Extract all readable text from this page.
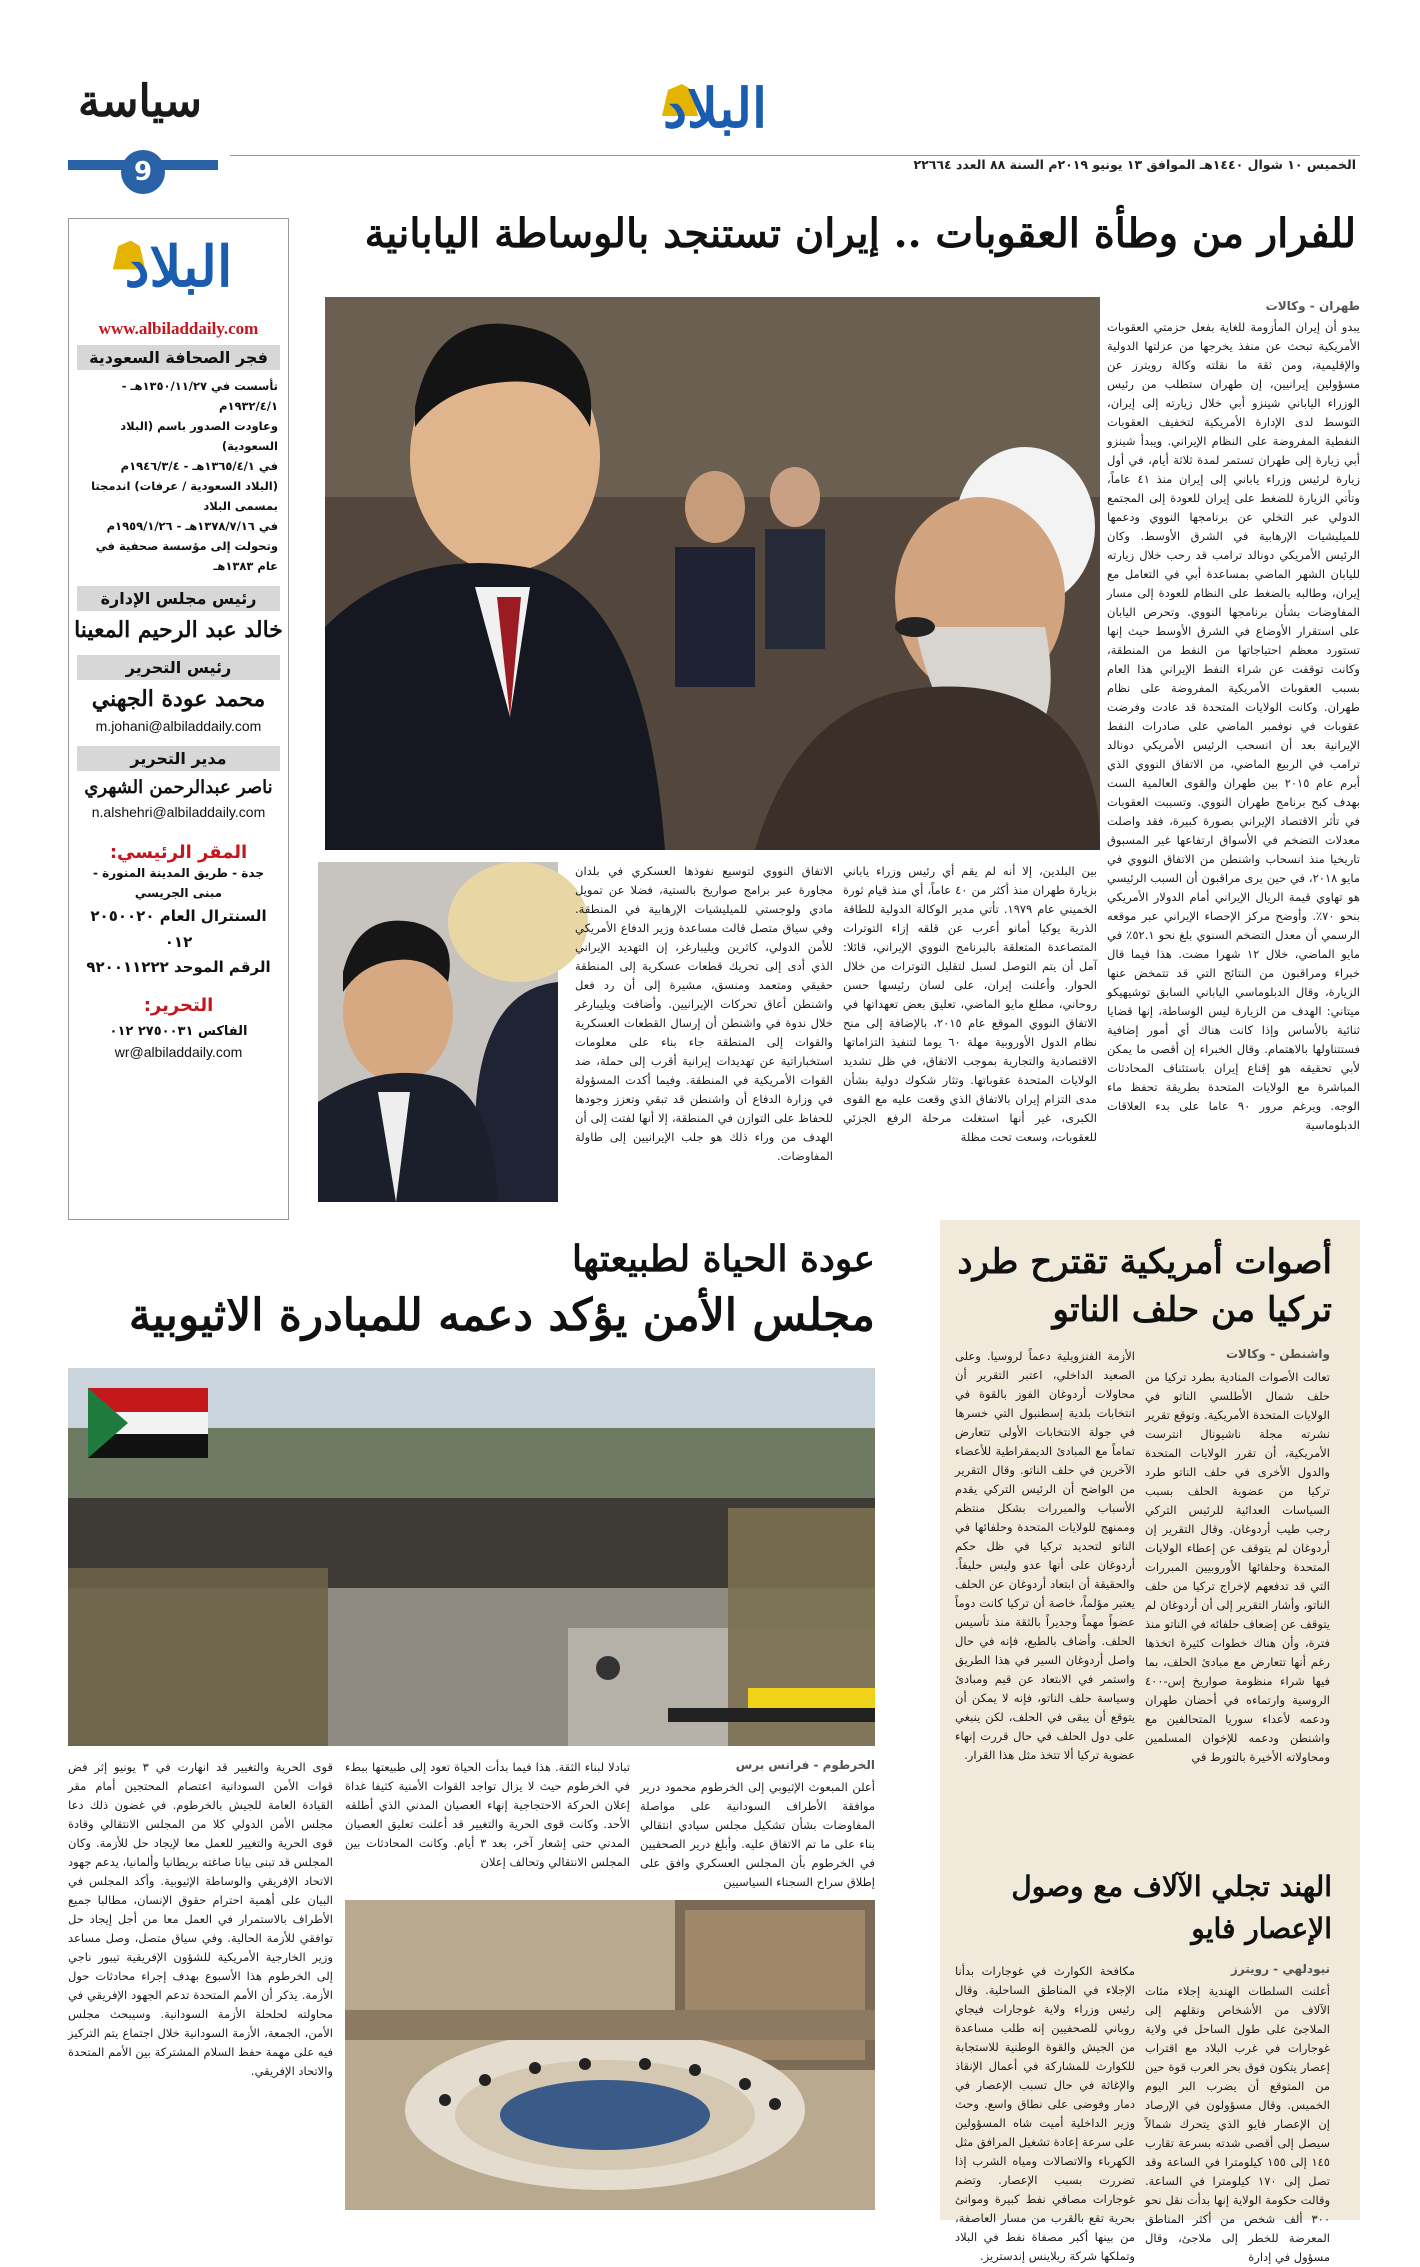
البلاد
الخميس ١٠ شوال ١٤٤٠هـ الموافق ١٣ يونيو ٢٠١٩م السنة ٨٨ العدد ٢٢٦٦٤
سياسة
9
البلاد
www.albiladdaily.com
فجر الصحافة السعودية
تأسست في ١٣٥٠/١١/٢٧هـ - ١٩٣٢/٤/١م
وعاودت الصدور باسم (البلاد السعودية)
في ١٣٦٥/٤/١هـ - ١٩٤٦/٣/٤م
(البلاد السعودية / عرفات) اندمجتا بمسمى البلاد
في ١٣٧٨/٧/١٦هـ - ١٩٥٩/١/٢٦م
وتحولت إلى مؤسسة صحفية في عام ١٣٨٣هـ
رئيس مجلس الإدارة
خالد عبد الرحيم المعينا
رئيس التحرير
محمد عودة الجهني
m.johani@albiladdaily.com
مدير التحرير
ناصر عبدالرحمن الشهري
n.alshehri@albiladdaily.com
المقر الرئيسي:
جدة - طريق المدينة المنورة - مبنى الجريسي
السنترال العام ٢٠٥٠٠٢٠ ٠١٢
الرقم الموحد ٩٢٠٠١١٢٢٢
التحرير:
الفاكس ٢٧٥٠٠٣١ ٠١٢
wr@albiladdaily.com
للفرار من وطأة العقوبات .. إيران تستنجد بالوساطة اليابانية
طهران - وكالات
يبدو أن إيران المأزومة للغاية بفعل حزمتي العقوبات الأمريكية تبحث عن منفذ يخرجها من عزلتها الدولية والإقليمية، ومن ثقة ما نقلته وكالة رويترز عن مسؤولين إيرانيين، إن طهران ستطلب من رئيس الوزراء الياباني شينزو أبي خلال زيارته إلى إيران، التوسط لدى الإدارة الأمريكية لتخفيف العقوبات النفطية المفروضة على النظام الإيراني. ويبدأ شينزو أبي زيارة إلى طهران تستمر لمدة ثلاثة أيام، في أول زيارة لرئيس وزراء ياباني إلى إيران منذ ٤١ عاماً، وتأتي الزيارة للضغط على إيران للعودة إلى المجتمع الدولي عبر التخلي عن برنامجها النووي ودعمها للميليشيات الإرهابية في الشرق الأوسط. وكان الرئيس الأمريكي دونالد ترامب قد رحب خلال زيارته لليابان الشهر الماضي بمساعدة أبي في التعامل مع إيران، وطالبه بالضغط على النظام للعودة إلى مسار المفاوضات بشأن برنامجها النووي. وتحرص اليابان على استقرار الأوضاع في الشرق الأوسط حيث إنها تستورد معظم احتياجاتها من النفط من المنطقة، وكانت توقفت عن شراء النفط الإيراني هذا العام بسبب العقوبات الأمريكية المفروضة على نظام طهران. وكانت الولايات المتحدة قد عادت وفرضت عقوبات في نوفمبر الماضي على صادرات النفط الإيرانية بعد أن انسحب الرئيس الأمريكي دونالد ترامب في الربيع الماضي، من الاتفاق النووي الذي أبرم عام ٢٠١٥ بين طهران والقوى العالمية الست بهدف كبح برنامج طهران النووي. وتسببت العقوبات في تأثر الاقتصاد الإيراني بصورة كبيرة، فقد واصلت معدلات التضخم في الأسواق ارتفاعها غير المسبوق تاريخيا منذ انسحاب واشنطن من الاتفاق النووي في مايو ٢٠١٨، في حين يرى مراقبون أن السبب الرئيسي هو تهاوي قيمة الريال الإيراني أمام الدولار الأمريكي بنحو ٧٠٪. وأوضح مركز الإحصاء الإيراني عبر موقعه الرسمي أن معدل التضخم السنوي بلغ نحو ٥٢.١٪ في مايو الماضي، خلال ١٢ شهرا مضت. هذا فيما قال خبراء ومراقبون من النتائج التي قد تتمخض عنها الزيارة، وقال الدبلوماسي الياباني السابق توشيهيكو ميتاني: الهدف من الزيارة ليس الوساطة، إنها قضايا ثنائية بالأساس وإذا كانت هناك أي أمور إضافية فستتناولها بالاهتمام. وقال الخبراء إن أقصى ما يمكن لأبي تحقيقه هو إقناع إيران باستئناف المحادثات المباشرة مع الولايات المتحدة بطريقة تحفظ ماء الوجه. ويرغم مرور ٩٠ عاما على بدء العلاقات الدبلوماسية
بين البلدين، إلا أنه لم يقم أي رئيس وزراء ياباني بزيارة طهران منذ أكثر من ٤٠ عاماً، أي منذ قيام ثورة الخميني عام ١٩٧٩. تأتي مدير الوكالة الدولية للطاقة الذرية يوكيا أمانو أعرب عن قلقه إزاء التوترات المتصاعدة المتعلقة بالبرنامج النووي الإيراني، قائلا: آمل أن يتم التوصل لسبل لتقليل التوترات من خلال الحوار. وأعلنت إيران، على لسان رئيسها حسن روحاني، مطلع مايو الماضي، تعليق بعض تعهداتها في الاتفاق النووي الموقع عام ٢٠١٥، بالإضافة إلى منح نظام الدول الأوروبية مهلة ٦٠ يوما لتنفيذ التزاماتها الاقتصادية والتجارية بموجب الاتفاق، في ظل تشديد الولايات المتحدة عقوباتها. وتثار شكوك دولية بشأن مدى التزام إيران بالاتفاق الذي وقعت عليه مع القوى الكبرى، غير أنها استغلت مرحلة الرفع الجزئي للعقوبات، وسعت تحت مظلة
الاتفاق النووي لتوسيع نفوذها العسكري في بلدان مجاورة عبر برامج صواريخ بالستية، فضلا عن تمويل مادي ولوجستي للميليشيات الإرهابية في المنطقة. وفي سياق متصل قالت مساعدة وزير الدفاع الأمريكي للأمن الدولي، كاثرين ويليبارغر، إن التهديد الإيراني الذي أدى إلى تحريك قطعات عسكرية إلى المنطقة حقيقي ومتعمد ومنسق، مشيرة إلى أن رد فعل واشنطن أعاق تحركات الإيرانيين. وأضافت ويليبارغر خلال ندوة في واشنطن أن إرسال القطعات العسكرية والقوات إلى المنطقة جاء بناء على معلومات استخباراتية عن تهديدات إيرانية أقرب إلى حملة، ضد القوات الأمريكية في المنطقة. وفيما أكدت المسؤولة في وزارة الدفاع أن واشنطن قد تبقي وتعزز وجودها للحفاظ على التوازن في المنطقة، إلا أنها لفتت إلى أن الهدف من وراء ذلك هو جلب الإيرانيين إلى طاولة المفاوضات.
أصوات أمريكية تقترح طرد
تركيا من حلف الناتو
واشنطن - وكالات
تعالت الأصوات المنادية بطرد تركيا من حلف شمال الأطلسي الناتو في الولايات المتحدة الأمريكية. وتوقع تقرير نشرته مجلة ناشيونال انترست الأمريكية، أن تقرر الولايات المتحدة والدول الأخرى في حلف الناتو طرد تركيا من عضوية الحلف بسبب السياسات العدائية للرئيس التركي رجب طيب أردوغان. وقال التقرير إن أردوغان لم يتوقف عن إعطاء الولايات المتحدة وحلفائها الأوروبيين المبررات التي قد تدفعهم لإخراج تركيا من حلف الناتو، وأشار التقرير إلى أن أردوغان لم يتوقف عن إضعاف حلفائه في الناتو منذ فترة، وأن هناك خطوات كثيرة اتخذها رغم أنها تتعارض مع مبادئ الحلف، بما فيها شراء منظومة صواريخ إس-٤٠٠ الروسية وارتماءه في أحضان طهران ودعمه لأعداء سوريا المتحالفين مع واشنطن ودعمه للإخوان المسلمين ومحاولاته الأخيرة بالتورط في
الأزمة الفنزويلية دعماً لروسيا. وعلى الصعيد الداخلي، اعتبر التقرير أن محاولات أردوغان الفوز بالقوة في انتخابات بلدية إسطنبول التي خسرها في جولة الانتخابات الأولى تتعارض تماماً مع المبادئ الديمقراطية للأعضاء الآخرين في حلف الناتو. وقال التقرير من الواضح أن الرئيس التركي يقدم الأسباب والمبررات بشكل منتظم وممنهج للولايات المتحدة وحلفائها في الناتو لتحديد تركيا في ظل حكم أردوغان على أنها عدو وليس حليفاً. والحقيقة أن ابتعاد أردوغان عن الحلف يعتبر مؤلماً، خاصة أن تركيا كانت دوماً عضواً مهماً وجديراً بالثقة منذ تأسيس الحلف. وأضاف بالطبع، فإنه في حال واصل أردوغان السير في هذا الطريق واستمر في الابتعاد عن قيم ومبادئ وسياسة حلف الناتو، فإنه لا يمكن أن يتوقع أن يبقى في الحلف، لكن ينبغي على دول الحلف في حال قررت إنهاء عضوية تركيا ألا تتخذ مثل هذا القرار.
الهند تجلي الآلاف مع وصول
الإعصار فايو
نيودلهي - رويترز
أعلنت السلطات الهندية إجلاء مئات الآلاف من الأشخاص ونقلهم إلى الملاجئ على طول الساحل في ولاية غوجارات في غرب البلاد مع اقتراب إعصار يتكون فوق بحر العرب قوة حين من المتوقع أن يضرب البر اليوم الخميس. وقال مسؤولون في الإرصاد إن الإعصار فايو الذي يتحرك شمالاً سيصل إلى أقصى شدته بسرعة تقارب ١٤٥ إلى ١٥٥ كيلومترا في الساعة وقد تصل إلى ١٧٠ كيلومترا في الساعة. وقالت حكومة الولاية إنها بدأت نقل نحو ٣٠٠ ألف شخص من أكثر المناطق المعرضة للخطر إلى ملاجئ، وقال مسؤول في إدارة
مكافحة الكوارث في غوجارات بدأنا الإجلاء في المناطق الساحلية. وقال رئيس وزراء ولاية غوجارات فيجاي روباني للصحفيين إنه طلب مساعدة من الجيش والقوة الوطنية للاستجابة للكوارث للمشاركة في أعمال الإنقاذ والإغاثة في حال تسبب الإعصار في دمار وفوضى على نطاق واسع. وحث وزير الداخلية أميت شاه المسؤولين على سرعة إعادة تشغيل المرافق مثل الكهرباء والاتصالات ومياه الشرب إذا تضررت بسبب الإعصار. وتضم غوجارات مصافي نفط كبيرة وموانئ بحرية تقع بالقرب من مسار العاصفة، من بينها أكبر مصفاة نفط في البلاد وتملكها شركة ريلاينس إندستريز.
عودة الحياة لطبيعتها
مجلس الأمن يؤكد دعمه للمبادرة الاثيوبية
الخرطوم - فرانس برس
أعلن المبعوث الإثيوبي إلى الخرطوم محمود درير موافقة الأطراف السودانية على مواصلة المفاوضات بشأن تشكيل مجلس سيادي انتقالي بناء على ما تم الاتفاق عليه. وأبلغ درير الصحفيين في الخرطوم بأن المجلس العسكري وافق على إطلاق سراح السجناء السياسيين
تبادلا لبناء الثقة. هذا فيما بدأت الحياة تعود إلى طبيعتها ببطء في الخرطوم حيث لا يزال تواجد القوات الأمنية كثيفا غداة إعلان الحركة الاحتجاجية إنهاء العصيان المدني الذي أطلقه الأحد. وكانت قوى الحرية والتغيير قد أعلنت تعليق العصيان المدني حتى إشعار آخر، بعد ٣ أيام. وكانت المحادثات بين المجلس الانتقالي وتحالف إعلان
قوى الحرية والتغيير قد انهارت في ٣ يونيو إثر فض قوات الأمن السودانية اعتصام المحتجين أمام مقر القيادة العامة للجيش بالخرطوم. في غضون ذلك دعا مجلس الأمن الدولي كلا من المجلس الانتقالي وقادة قوى الحرية والتغيير للعمل معا لإيجاد حل للأزمة. وكان المجلس قد تبنى بيانا صاغته بريطانيا وألمانيا، يدعم جهود الاتحاد الإفريقي والوساطة الإثيوبية. وأكد المجلس في البيان على أهمية احترام حقوق الإنسان، مطالبا جميع الأطراف بالاستمرار في العمل معا من أجل إيجاد حل توافقي للأزمة الحالية. وفي سياق متصل، وصل مساعد وزير الخارجية الأمريكية للشؤون الإفريقية تيبور ناجي إلى الخرطوم هذا الأسبوع بهدف إجراء محادثات حول الأزمة. يذكر أن الأمم المتحدة تدعم الجهود الإفريقي في محاولته لحلحلة الأزمة السودانية. وسيبحث مجلس الأمن، الجمعة، الأزمة السودانية خلال اجتماع يتم التركيز فيه على مهمة حفظ السلام المشتركة بين الأمم المتحدة والاتحاد الإفريقي.
